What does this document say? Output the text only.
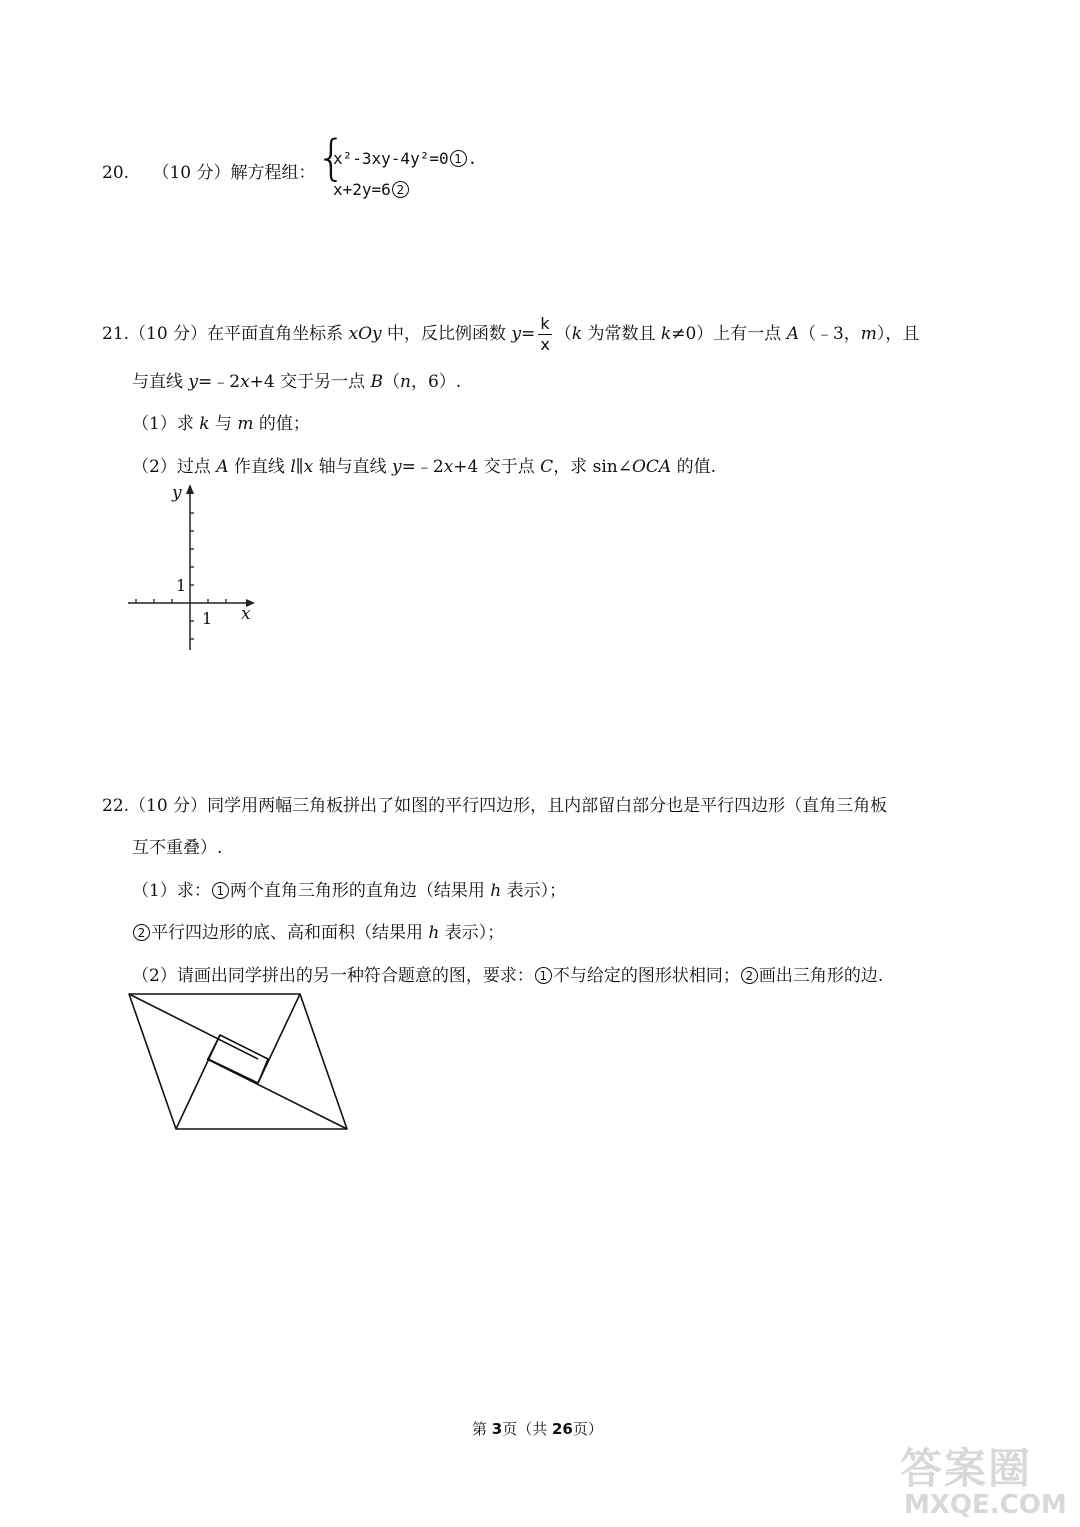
20. （10 分）解方程组： {
x²-3xy-4y²=0 1 .
x+2y=6 2
21.（10 分）在平面直角坐标系 xOy 中，反比例函数 $y= \frac{k}{x} (k$ 为常数且 k≠0）上有一点 A（﹣3，m），且
与直线 y=﹣2x+4 交于另一点 B（n，6）.
（1）求 k 与 m 的值；
（2）过点 A 作直线 l∥x 轴与直线 y=﹣2x+4 交于点 C，求 sin∠OCA 的值.
y
x
1
1
22.（10 分）同学用两幅三角板拼出了如图的平行四边形，且内部留白部分也是平行四边形（直角三角板
互不重叠）.
（1）求： 1 两个直角三角形的直角边（结果用 h 表示）；
2 平行四边形的底、高和面积（结果用 h 表示）；
（2）请画出同学拼出的另一种符合题意的图，要求： 1 不与给定的图形状相同； 2 画出三角形的边.
第 3页（共 26页）
答案圈
MXQE.COM
